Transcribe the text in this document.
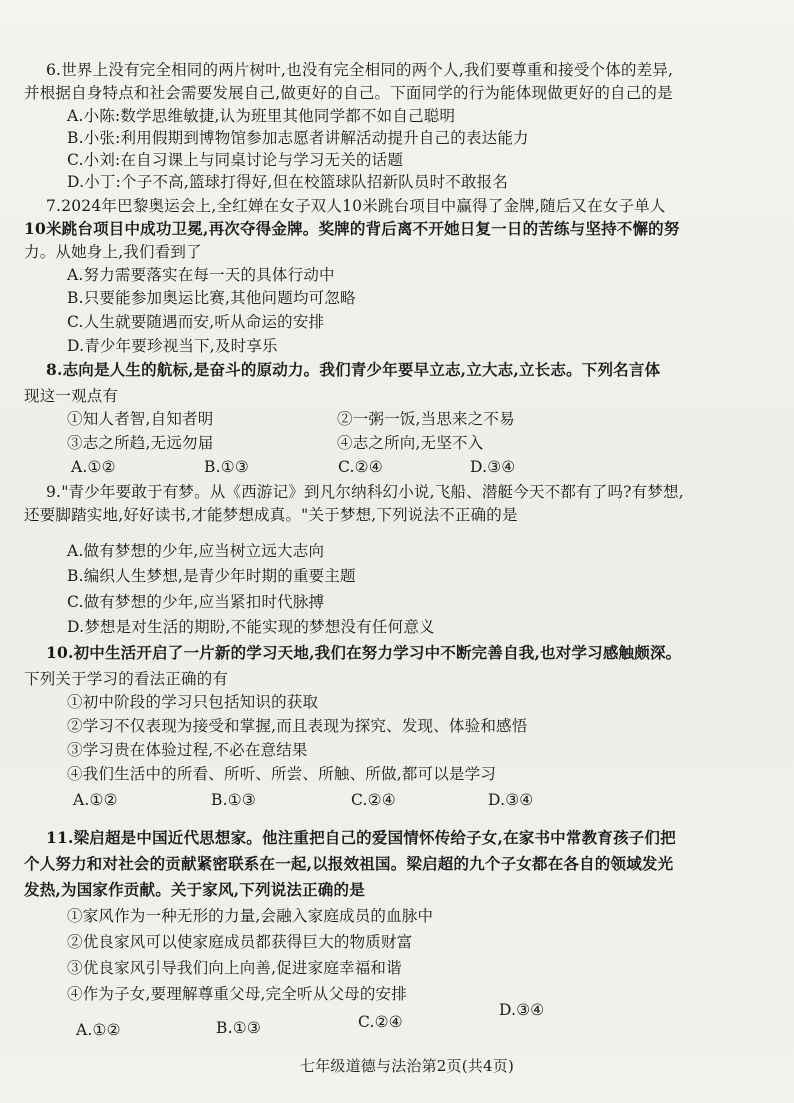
6.世界上没有完全相同的两片树叶,也没有完全相同的两个人,我们要尊重和接受个体的差异,
并根据自身特点和社会需要发展自己,做更好的自己。下面同学的行为能体现做更好的自己的是
A.小陈:数学思维敏捷,认为班里其他同学都不如自己聪明
B.小张:利用假期到博物馆参加志愿者讲解活动提升自己的表达能力
C.小刘:在自习课上与同桌讨论与学习无关的话题
D.小丁:个子不高,篮球打得好,但在校篮球队招新队员时不敢报名
7.2024年巴黎奥运会上,全红婵在女子双人10米跳台项目中赢得了金牌,随后又在女子单人
10米跳台项目中成功卫冕,再次夺得金牌。奖牌的背后离不开她日复一日的苦练与坚持不懈的努
力。从她身上,我们看到了
A.努力需要落实在每一天的具体行动中
B.只要能参加奥运比赛,其他问题均可忽略
C.人生就要随遇而安,听从命运的安排
D.青少年要珍视当下,及时享乐
8.志向是人生的航标,是奋斗的原动力。我们青少年要早立志,立大志,立长志。下列名言体
现这一观点有
①知人者智,自知者明	②一粥一饭,当思来之不易
③志之所趋,无远勿届	④志之所向,无坚不入
A.①②	B.①③	C.②④	D.③④
9."青少年要敢于有梦。从《西游记》到凡尔纳科幻小说,飞船、潜艇今天不都有了吗?有梦想,
还要脚踏实地,好好读书,才能梦想成真。"关于梦想,下列说法不正确的是
A.做有梦想的少年,应当树立远大志向
B.编织人生梦想,是青少年时期的重要主题
C.做有梦想的少年,应当紧扣时代脉搏
D.梦想是对生活的期盼,不能实现的梦想没有任何意义
10.初中生活开启了一片新的学习天地,我们在努力学习中不断完善自我,也对学习感触颇深。
下列关于学习的看法正确的有
①初中阶段的学习只包括知识的获取
②学习不仅表现为接受和掌握,而且表现为探究、发现、体验和感悟
③学习贵在体验过程,不必在意结果
④我们生活中的所看、所听、所尝、所触、所做,都可以是学习
A.①②	B.①③	C.②④	D.③④
11.梁启超是中国近代思想家。他注重把自己的爱国情怀传给子女,在家书中常教育孩子们把
个人努力和对社会的贡献紧密联系在一起,以报效祖国。梁启超的九个子女都在各自的领域发光
发热,为国家作贡献。关于家风,下列说法正确的是
①家风作为一种无形的力量,会融入家庭成员的血脉中
②优良家风可以使家庭成员都获得巨大的物质财富
③优良家风引导我们向上向善,促进家庭幸福和谐
④作为子女,要理解尊重父母,完全听从父母的安排
A.①②	B.①③	C.②④
D.③④
七年级道德与法治第2页(共4页)
